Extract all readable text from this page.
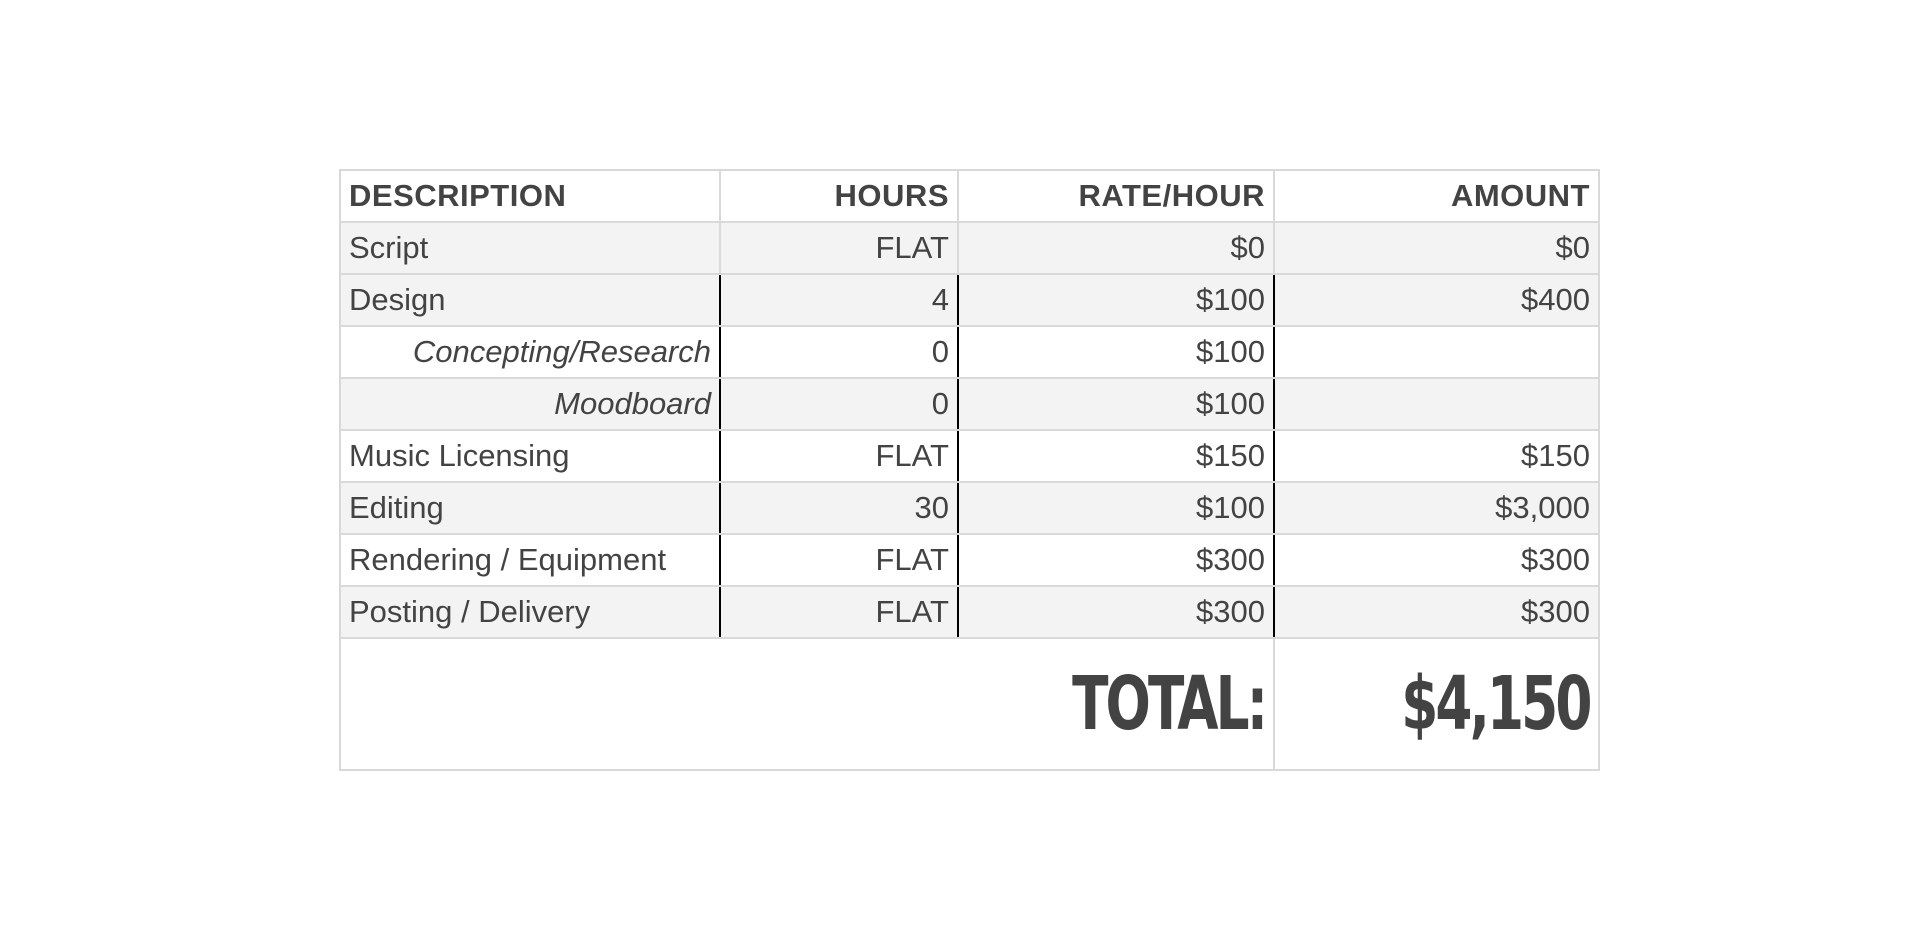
DESCRIPTION	HOURS	RATE/HOUR	AMOUNT
Script	FLAT	$0	$0
Design	4	$100	$400
Concepting/Research	0	$100	
Moodboard	0	$100	
Music Licensing	FLAT	$150	$150
Editing	30	$100	$3,000
Rendering / Equipment	FLAT	$300	$300
Posting / Delivery	FLAT	$300	$300
TOTAL:			$4,150
